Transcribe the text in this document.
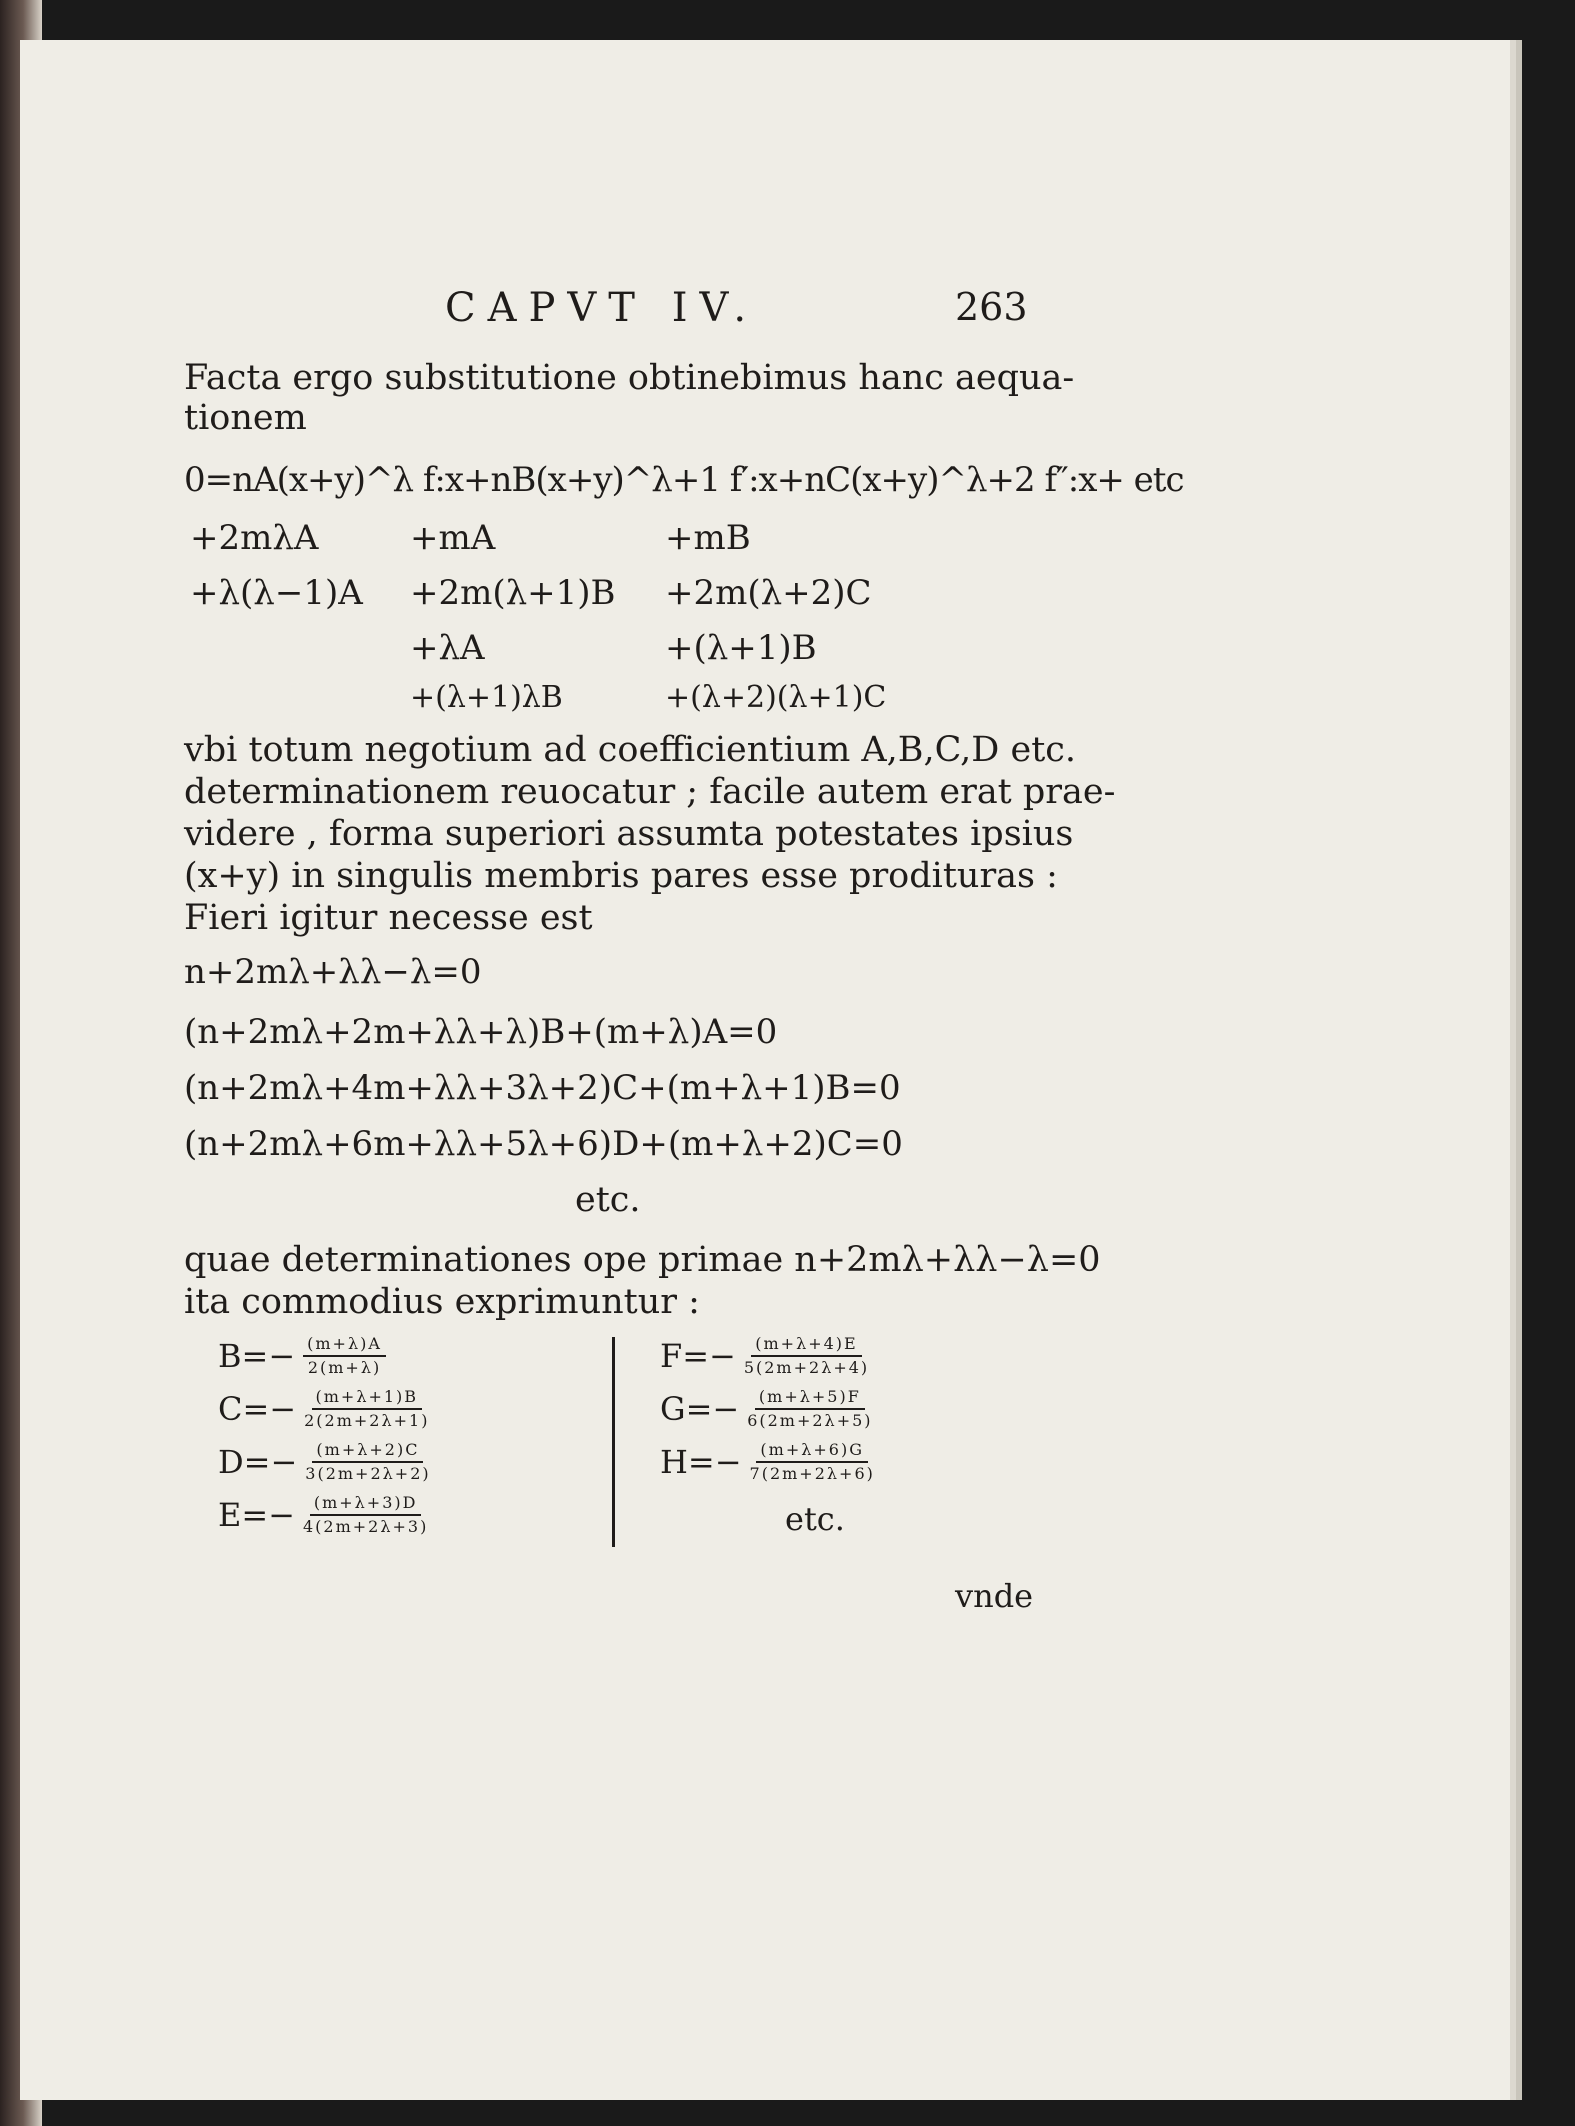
CAPVT IV.	263
Facta ergo substitutione obtinebimus hanc aequa-
tionem
0=nA(x+y)^λ f:x+nB(x+y)^λ+1 f′:x+nC(x+y)^λ+2 f″:x+ etc
+2mλA
+λ(λ−1)A
+mA
+2m(λ+1)B
+λA
+(λ+1)λB
+mB
+2m(λ+2)C
+(λ+1)B
+(λ+2)(λ+1)C
vbi totum negotium ad coefficientium A,B,C,D etc.
determinationem reuocatur ; facile autem erat prae-
videre , forma superiori assumta potestates ipsius
(x+y) in singulis membris pares esse prodituras :
Fieri igitur necesse est
n+2mλ+λλ−λ=0
(n+2mλ+2m+λλ+λ)B+(m+λ)A=0
(n+2mλ+4m+λλ+3λ+2)C+(m+λ+1)B=0
(n+2mλ+6m+λλ+5λ+6)D+(m+λ+2)C=0
etc.
quae determinationes ope primae n+2mλ+λλ−λ=0
ita commodius exprimuntur :
$B=- \frac{(m+\lambda)A}{2(m+\lambda)}$
$C=- \frac{(m+\lambda+1)B}{2(2m+2\lambda+1)}$
$D=- \frac{(m+\lambda+2)C}{3(2m+2\lambda+2)}$
$E=- \frac{(m+\lambda+3)D}{4(2m+2\lambda+3)}$
$F=- \frac{(m+\lambda+4)E}{5(2m+2\lambda+4)}$
$G=- \frac{(m+\lambda+5)F}{6(2m+2\lambda+5)}$
$H=- \frac{(m+\lambda+6)G}{7(2m+2\lambda+6)}$
etc.
vnde
